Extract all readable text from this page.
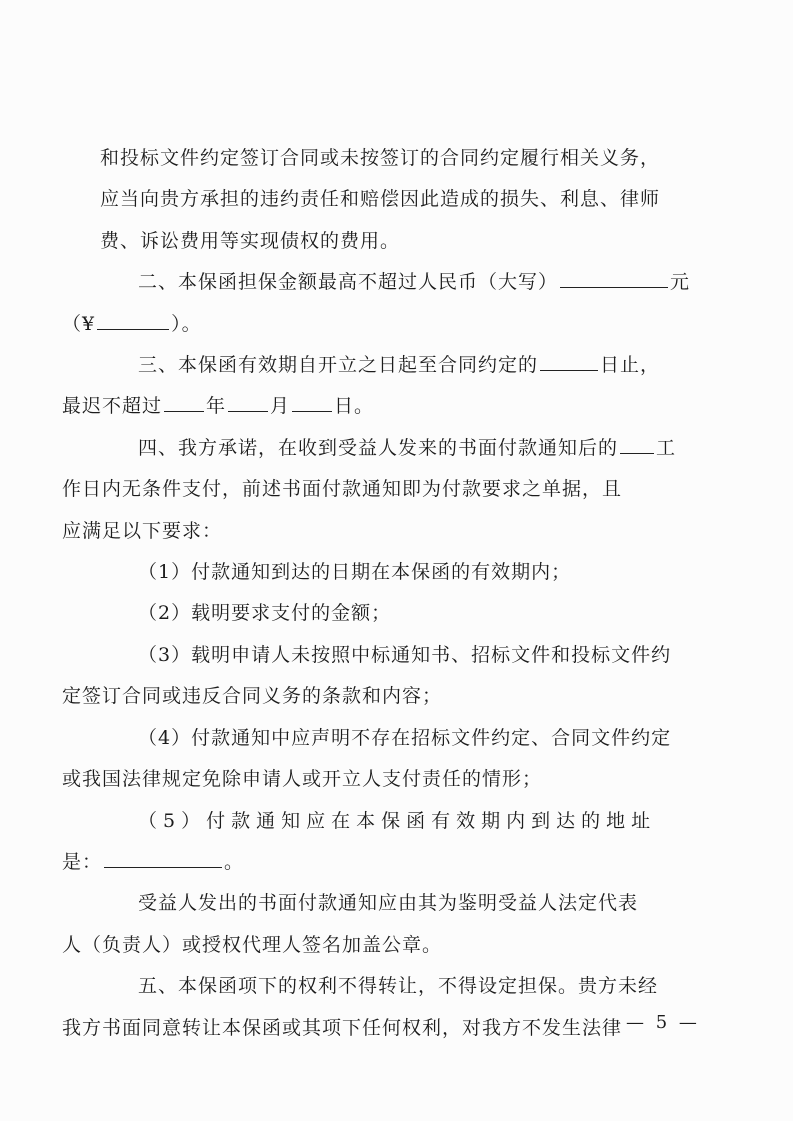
和投标文件约定签订合同或未按签订的合同约定履行相关义务，
应当向贵方承担的违约责任和赔偿因此造成的损失、利息、律师
费、诉讼费用等实现债权的费用。

二、本保函担保金额最高不超过人民币（大写）	元
（¥	）。

三、本保函有效期自开立之日起至合同约定的	日止，
最迟不超过 年 月 日。

四、我方承诺，在收到受益人发来的书面付款通知后的 工
作日内无条件支付，前述书面付款通知即为付款要求之单据，且
应满足以下要求：

（1）付款通知到达的日期在本保函的有效期内；

（2）载明要求支付的金额；

（3）载明申请人未按照中标通知书、招标文件和投标文件约
定签订合同或违反合同义务的条款和内容；

（4）付款通知中应声明不存在招标文件约定、合同文件约定
或我国法律规定免除申请人或开立人支付责任的情形；

（5）付款通知应在本保函有效期内到达的地址
是：	。

受益人发出的书面付款通知应由其为鉴明受益人法定代表
人（负责人）或授权代理人签名加盖公章。

五、本保函项下的权利不得转让，不得设定担保。贵方未经
我方书面同意转让本保函或其项下任何权利，对我方不发生法律 — 5 —
